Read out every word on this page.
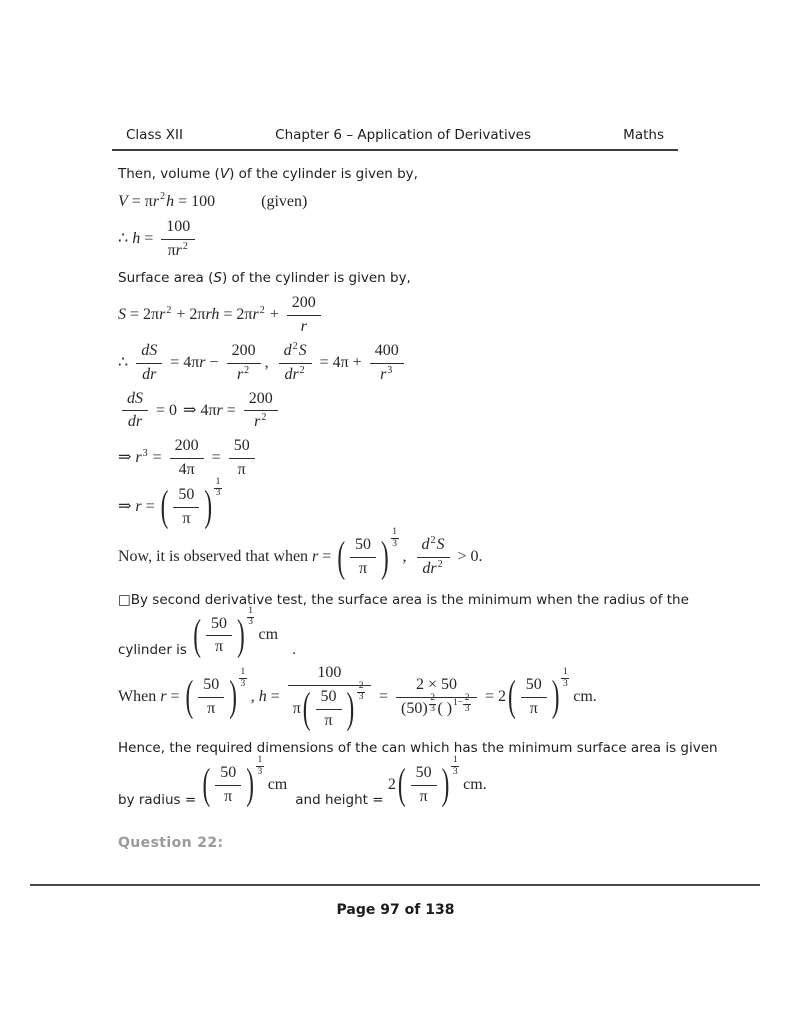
Class XII	Chapter 6 – Application of Derivatives	Maths
Then, volume ( V ) of the cylinder is given by,
V = π r 2 h = 100	(given)
∴ $h = \frac{100}{\text{π r 2}}$
Surface area ( S ) of the cylinder is given by,
S = 2π r 2 + 2π rh = 2π r $2 + \frac{200}{r}$
∴ $\frac{dS}{dr} = 4\pi$ $r - \frac{200}{r 2}$ , $\frac{d 2 S}{dr 2} = 4\pi + \frac{400}{r 3}$
$\frac{dS}{dr} = 0$ ⇒ 4π $r = \frac{200}{r 2}$
⇒ r $3 = \frac{200}{4\pi} = \frac{50}{\pi}$
⇒ r = ( 50
π )
1
3
Now, it is observed that when r = ( 50
π )
1
3
,
d 2 S
dr 2 > 0.
□By second derivative test, the surface area is the minimum when the radius of the
cylinder is ( 50
π )
1
3
cm
.
When r = ( 50
π )
1
3
, h = 100
π ( 50
π ) 2
3 = 2 × 50
(50)
2
3 ( ) $1- \frac{2}{3} = 2$ ( 50
π )
1
3
cm.
Hence, the required dimensions of the can which has the minimum surface area is given
by radius = ( 50
π )
1
3
cm
and height =
2 ( 50
π )
1
3
cm.
Question 22:
Page 97 of 138
